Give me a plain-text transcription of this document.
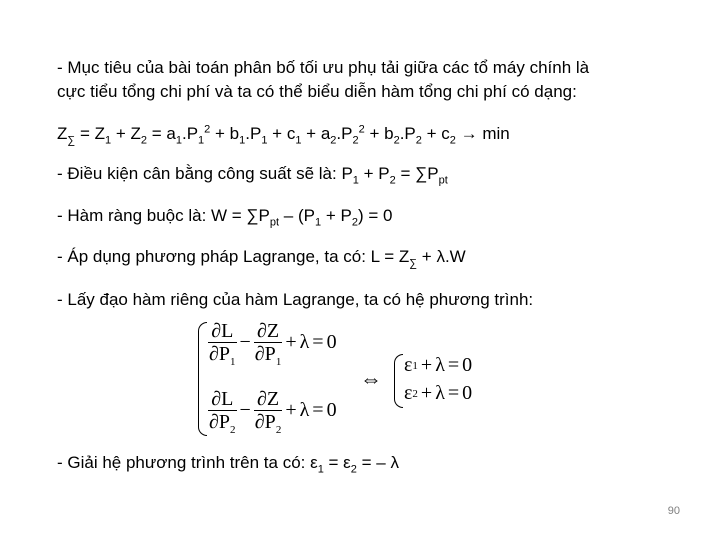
- Mục tiêu của bài toán phân bố tối ưu phụ tải giữa các tổ máy chính là
cực tiểu tổng chi phí và ta có thể biểu diễn hàm tổng chi phí có dạng:
$Z_\sum = Z_1 + Z_2 = a_1.P_1^2 + b_1.P_1 + c_1 + a_2.P_2^2 + b_2.P_2 + c_2 \to \min$
- Điều kiện cân bằng công suất sẽ là: $P_1 + P_2 = \sum P_{pt}$
- Hàm ràng buộc là: $W = \sum P_{pt} - (P_1 + P_2) = 0$
- Áp dụng phương pháp Lagrange, ta có: $L = Z_\sum + \lambda.W$
- Lấy đạo hàm riêng của hàm Lagrange, ta có hệ phương trình:
$\frac{\partial L}{\partial P_1} - \frac{\partial Z}{\partial P_1} + \lambda = 0$
$\frac{\partial L}{\partial P_2} - \frac{\partial Z}{\partial P_2} + \lambda = 0$
⇔
ε 1 + λ = 0
ε 2 + λ = 0
- Giải hệ phương trình trên ta có: $\varepsilon_1 = \varepsilon_2$ = – λ
90
